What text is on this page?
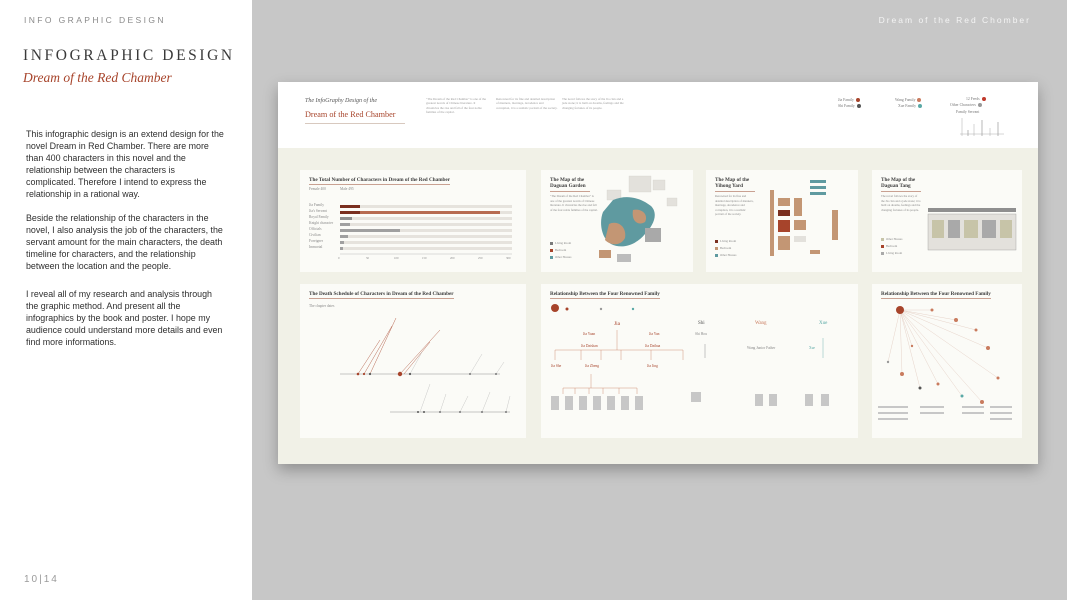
INFO GRAPHIC DESIGN
INFOGRAPHIC DESIGN
Dream of the Red Chamber

This infographic design is an extend design for the novel Dream in Red Chamber. There are more than 400 characters in this novel and the relationship between the characters is complicated. Therefore I intend to express the relationship in a rational way.

Beside the relationship of the characters in the novel, I also analysis the job of the characters, the servant amount for the main characters, the death timeline for characters, and the relationship between the location and the people.

I reveal all of my research and analysis through the graphic method. And present all the infographics by the book and poster. I hope my audience could understand more details and even find more informations.

10|14
Dream of the Red Chomber
The InfoGraphy Design of the
Dream of the Red Chamber
"The Dream of the Red Chamber" is one of the greatest novels of Chinese literature. It chronicles the rise and fall of the four noble families of the capital.
Renowned for its fine and detailed description of manners, marriage, decadence and corruption, it is a realistic portrait of the society.
The novel follows the story of the Jia clan and a jade stone; it is built on dreams, feelings and the changing fortunes of its people.
Jia Family
Shi Family
Wang Family
Xue Family
12 Feeds
Other Characters
Family Servant
The Total Number of Characters in Dream of the Red Chamber
Female 400	Male 495
Jia Family
Jia's Servant
Royal Family
Knight character
Officials
Civilian
Foreigner
Immortal
0	50	100	150	200	250	300
The Map of the Daguan Garden
"The Dream of the Red Chamber" is one of the greatest novels of Chinese literature. It chronicles the rise and fall of the four noble families of the capital.
Living Room
Bedroom
Other Houses
The Map of the Yihong Yard
Renowned for its fine and detailed description of manners, marriage, decadence and corruption, it is a realistic portrait of the society.
Living Room
Bedroom
Other Houses
The Map of the Daguan Tang
The novel follows the story of the Jia clan and a jade stone; it is built on dreams, feelings and the changing fortunes of its people.
Other Houses
Bedroom
Living Room
The Death Schedule of Characters in Dream of the Red Chamber
The chapter dates
Relationship Between the Four Renowned Family
Jia	Shi	Wang	Xue
Jia Yuan	Jia Yan	Shi Hou
Wang Junior Father	Xue
Jia Daishan	Jia Daihua
Jia She	Jia Zheng	Jia Jing
Relationship Between the Four Renowned Family
